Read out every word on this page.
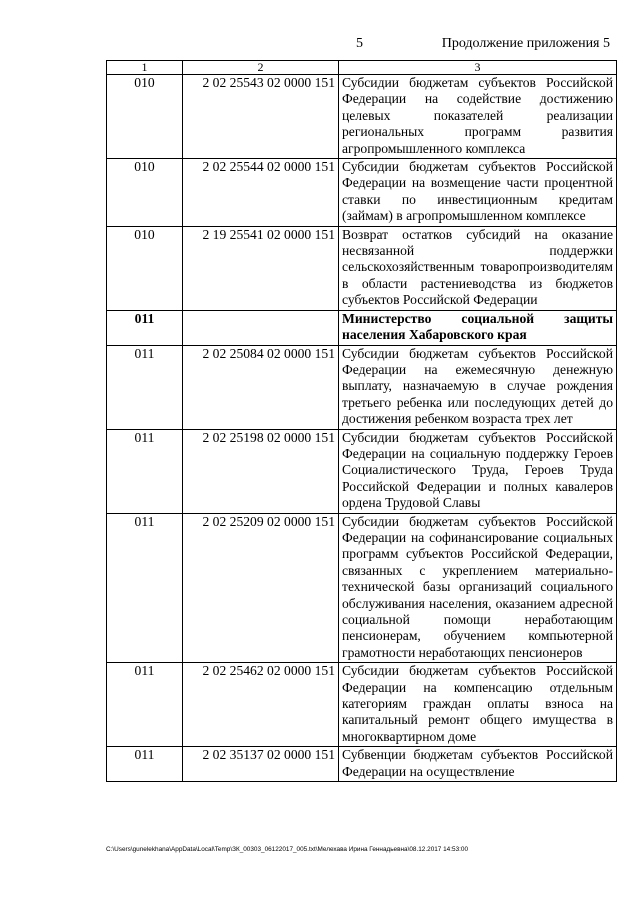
5	Продолжение приложения 5
1	2	3
010	2 02 25543 02 0000 151	Субсидии бюджетам субъектов Российской Федерации на содействие достижению целевых показателей реализации региональных программ развития агропромышленного комплекса
010	2 02 25544 02 0000 151	Субсидии бюджетам субъектов Российской Федерации на возмещение части процентной ставки по инвестиционным кредитам (займам) в агропромышленном комплексе
010	2 19 25541 02 0000 151	Возврат остатков субсидий на оказание несвязанной поддержки сельскохозяйственным товаропроизводителям в области растениеводства из бюджетов субъектов Российской Федерации
011		Министерство социальной защиты населения Хабаровского края
011	2 02 25084 02 0000 151	Субсидии бюджетам субъектов Российской Федерации на ежемесячную денежную выплату, назначаемую в случае рождения третьего ребенка или последующих детей до достижения ребенком возраста трех лет
011	2 02 25198 02 0000 151	Субсидии бюджетам субъектов Российской Федерации на социальную поддержку Героев Социалистического Труда, Героев Труда Российской Федерации и полных кавалеров ордена Трудовой Славы
011	2 02 25209 02 0000 151	Субсидии бюджетам субъектов Российской Федерации на софинансирование социальных программ субъектов Российской Федерации, связанных с укреплением материально-технической базы организаций социального обслуживания населения, оказанием адресной социальной помощи неработающим пенсионерам, обучением компьютерной грамотности неработающих пенсионеров
011	2 02 25462 02 0000 151	Субсидии бюджетам субъектов Российской Федерации на компенсацию отдельным категориям граждан оплаты взноса на капитальный ремонт общего имущества в многоквартирном доме
011	2 02 35137 02 0000 151	Субвенции бюджетам субъектов Российской Федерации на осуществление
C:\Users\gunelekhana\AppData\Local\Temp\ЗК_00303_06122017_005.txt\Мелехава Ирина Геннадьевна\08.12.2017 14:53:00
